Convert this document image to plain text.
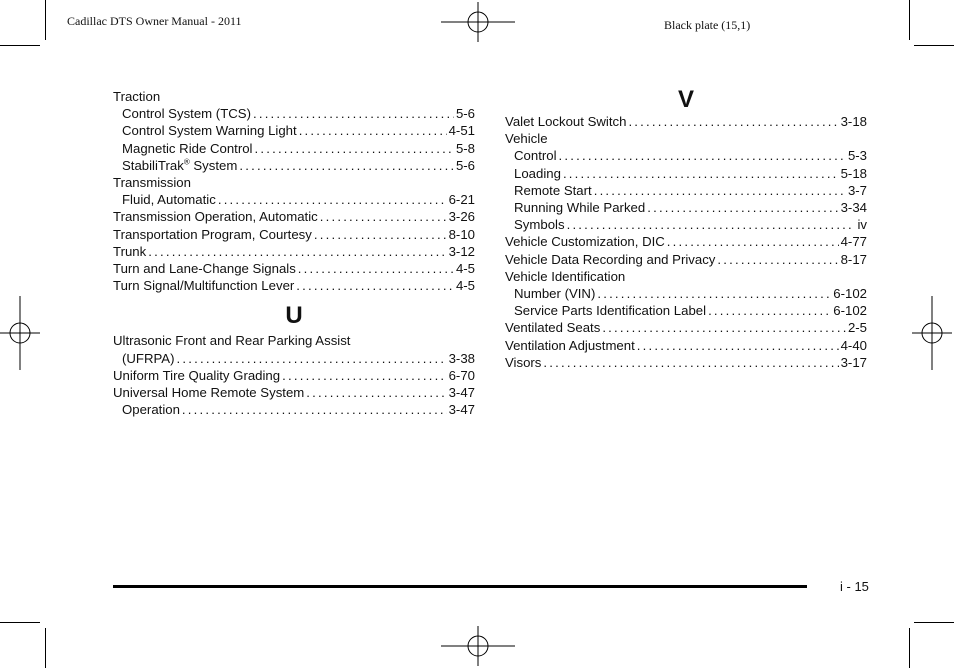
Cadillac DTS Owner Manual - 2011	Black plate (15,1)
Traction
Control System (TCS) .....	5-6
Control System Warning Light .....	4-51
Magnetic Ride Control .....	5-8
StabiliTrak® System .....	5-6
Transmission
Fluid, Automatic .....	6-21
Transmission Operation, Automatic .....	3-26
Transportation Program, Courtesy .....	8-10
Trunk .....	3-12
Turn and Lane-Change Signals .....	4-5
Turn Signal/Multifunction Lever .....	4-5
U
Ultrasonic Front and Rear Parking Assist
(UFRPA) .....	3-38
Uniform Tire Quality Grading .....	6-70
Universal Home Remote System .....	3-47
Operation .....	3-47
V
Valet Lockout Switch .....	3-18
Vehicle
Control .....	5-3
Loading .....	5-18
Remote Start .....	3-7
Running While Parked .....	3-34
Symbols .....	iv
Vehicle Customization, DIC .....	4-77
Vehicle Data Recording and Privacy .....	8-17
Vehicle Identification
Number (VIN) .....	6-102
Service Parts Identification Label .....	6-102
Ventilated Seats .....	2-5
Ventilation Adjustment .....	4-40
Visors .....	3-17
i - 15
